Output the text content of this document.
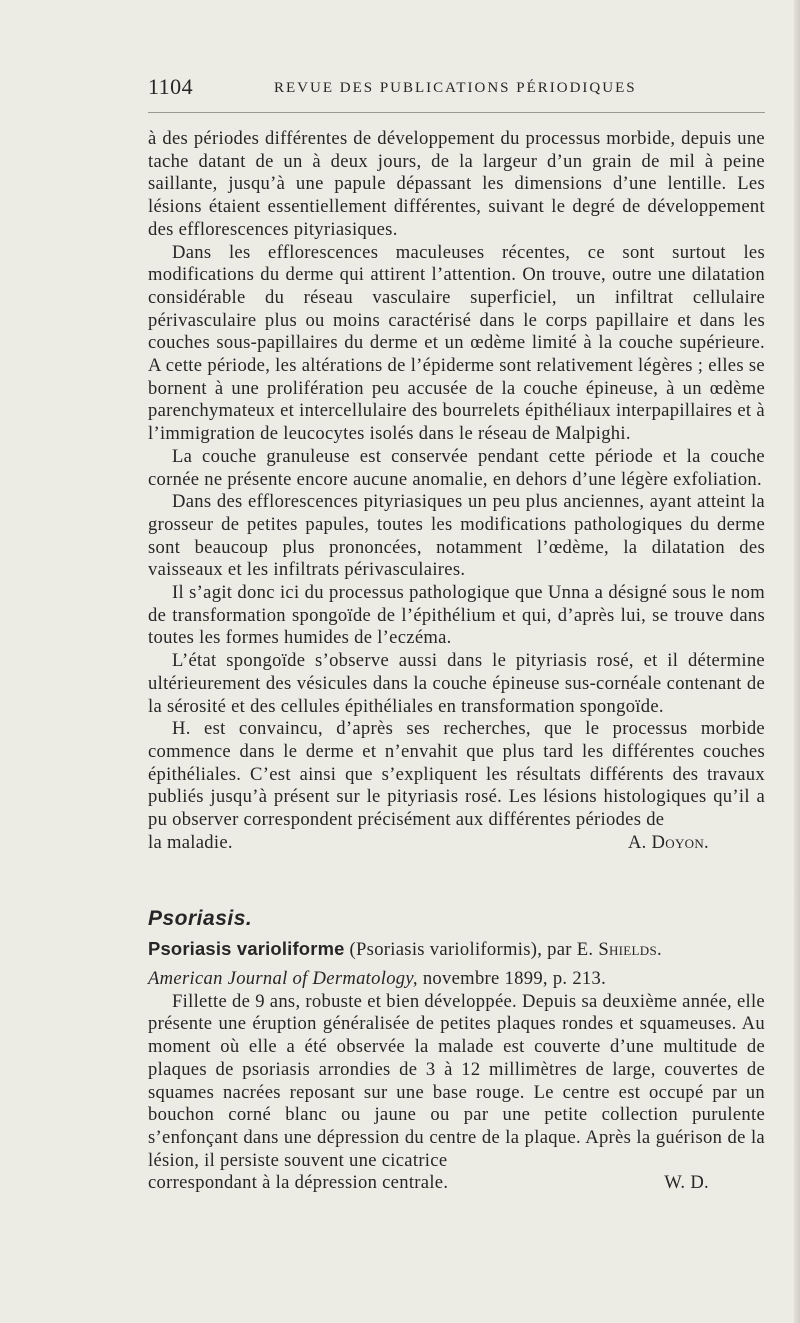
1104	REVUE DES PUBLICATIONS PÉRIODIQUES

à des périodes différentes de développement du processus morbide, depuis une tache datant de un à deux jours, de la largeur d’un grain de mil à peine saillante, jusqu’à une papule dépassant les dimensions d’une lentille. Les lésions étaient essentiellement différentes, suivant le degré de développement des efflorescences pityriasiques.

Dans les efflorescences maculeuses récentes, ce sont surtout les modifications du derme qui attirent l’attention. On trouve, outre une dilatation considérable du réseau vasculaire superficiel, un infiltrat cellulaire périvasculaire plus ou moins caractérisé dans le corps papillaire et dans les couches sous-papillaires du derme et un œdème limité à la couche supérieure. A cette période, les altérations de l’épiderme sont relativement légères ; elles se bornent à une prolifération peu accusée de la couche épineuse, à un œdème parenchymateux et intercellulaire des bourrelets épithéliaux interpapillaires et à l’immigration de leucocytes isolés dans le réseau de Malpighi.

La couche granuleuse est conservée pendant cette période et la couche cornée ne présente encore aucune anomalie, en dehors d’une légère exfoliation.

Dans des efflorescences pityriasiques un peu plus anciennes, ayant atteint la grosseur de petites papules, toutes les modifications pathologiques du derme sont beaucoup plus prononcées, notamment l’œdème, la dilatation des vaisseaux et les infiltrats périvasculaires.

Il s’agit donc ici du processus pathologique que Unna a désigné sous le nom de transformation spongoïde de l’épithélium et qui, d’après lui, se trouve dans toutes les formes humides de l’eczéma.

L’état spongoïde s’observe aussi dans le pityriasis rosé, et il détermine ultérieurement des vésicules dans la couche épineuse sus-cornéale contenant de la sérosité et des cellules épithéliales en transformation spongoïde.

H. est convaincu, d’après ses recherches, que le processus morbide commence dans le derme et n’envahit que plus tard les différentes couches épithéliales. C’est ainsi que s’expliquent les résultats différents des travaux publiés jusqu’à présent sur le pityriasis rosé. Les lésions histologiques qu’il a pu observer correspondent précisément aux différentes périodes de

la maladie.	A. Doyon.
Psoriasis.
Psoriasis varioliforme (Psoriasis varioliformis), par E. Shields.

American Journal of Dermatology, novembre 1899, p. 213.

Fillette de 9 ans, robuste et bien développée. Depuis sa deuxième année, elle présente une éruption généralisée de petites plaques rondes et squameuses. Au moment où elle a été observée la malade est couverte d’une multitude de plaques de psoriasis arrondies de 3 à 12 millimètres de large, couvertes de squames nacrées reposant sur une base rouge. Le centre est occupé par un bouchon corné blanc ou jaune ou par une petite collection purulente s’enfonçant dans une dépression du centre de la plaque. Après la guérison de la lésion, il persiste souvent une cicatrice

correspondant à la dépression centrale.	W. D.
